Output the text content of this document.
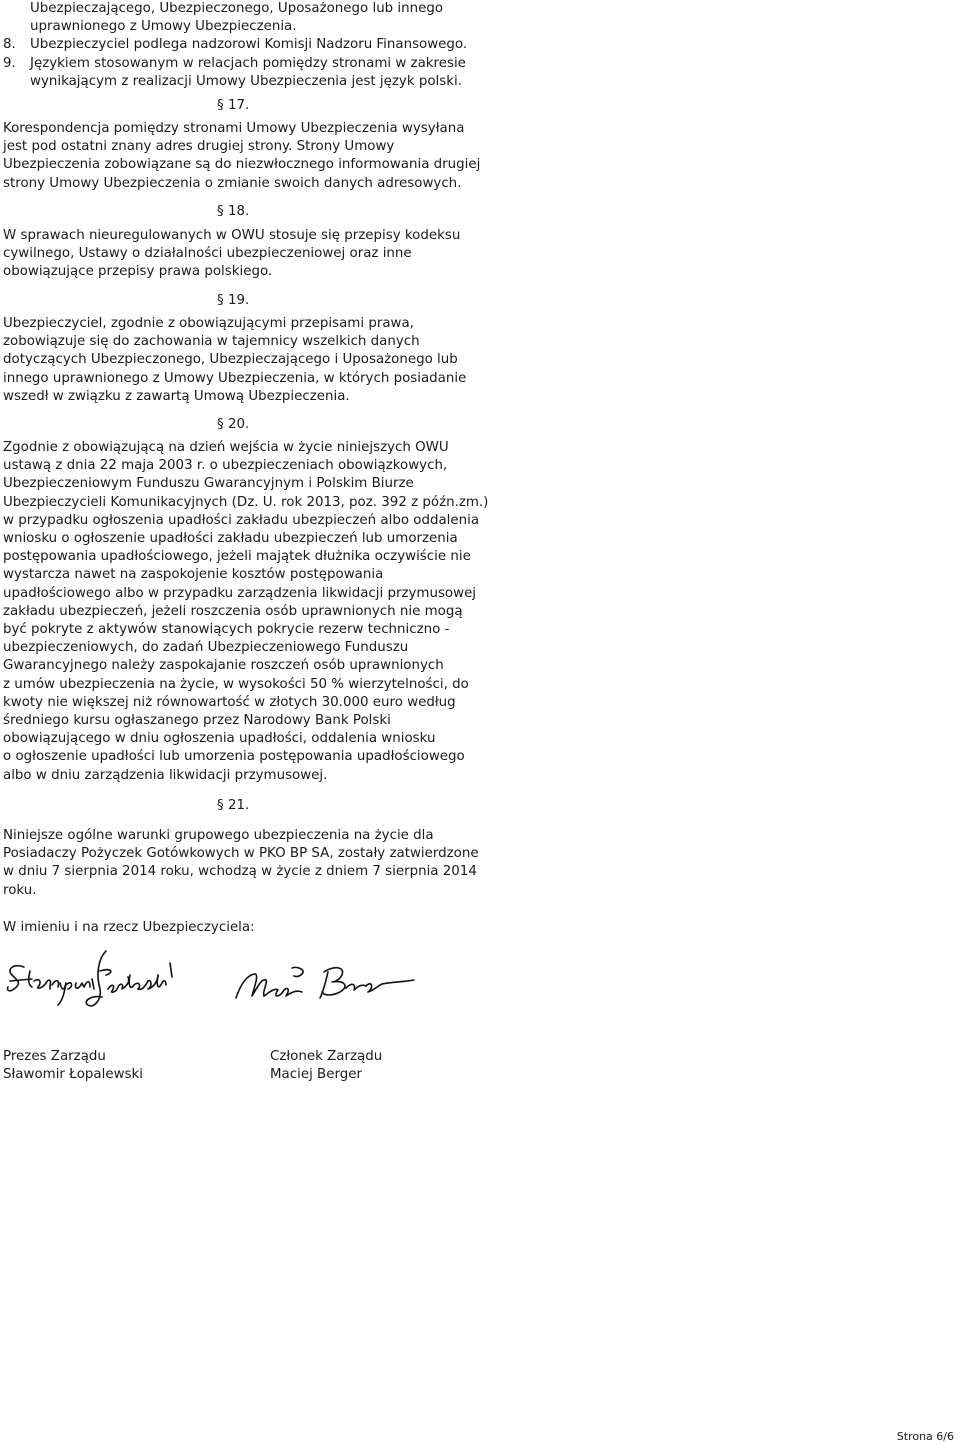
Ubezpieczającego, Ubezpieczonego, Uposażonego lub innego
uprawnionego z Umowy Ubezpieczenia.
8. Ubezpieczyciel podlega nadzorowi Komisji Nadzoru Finansowego.
9. Językiem stosowanym w relacjach pomiędzy stronami w zakresie
wynikającym z realizacji Umowy Ubezpieczenia jest język polski.
§ 17.
Korespondencja pomiędzy stronami Umowy Ubezpieczenia wysyłana
jest pod ostatni znany adres drugiej strony. Strony Umowy
Ubezpieczenia zobowiązane są do niezwłocznego informowania drugiej
strony Umowy Ubezpieczenia o zmianie swoich danych adresowych.
§ 18.
W sprawach nieuregulowanych w OWU stosuje się przepisy kodeksu
cywilnego, Ustawy o działalności ubezpieczeniowej oraz inne
obowiązujące przepisy prawa polskiego.
§ 19.
Ubezpieczyciel, zgodnie z obowiązującymi przepisami prawa,
zobowiązuje się do zachowania w tajemnicy wszelkich danych
dotyczących Ubezpieczonego, Ubezpieczającego i Uposażonego lub
innego uprawnionego z Umowy Ubezpieczenia, w których posiadanie
wszedł w związku z zawartą Umową Ubezpieczenia.
§ 20.
Zgodnie z obowiązującą na dzień wejścia w życie niniejszych OWU
ustawą z dnia 22 maja 2003 r. o ubezpieczeniach obowiązkowych,
Ubezpieczeniowym Funduszu Gwarancyjnym i Polskim Biurze
Ubezpieczycieli Komunikacyjnych (Dz. U. rok 2013, poz. 392 z późn.zm.)
w przypadku ogłoszenia upadłości zakładu ubezpieczeń albo oddalenia
wniosku o ogłoszenie upadłości zakładu ubezpieczeń lub umorzenia
postępowania upadłościowego, jeżeli majątek dłużnika oczywiście nie
wystarcza nawet na zaspokojenie kosztów postępowania
upadłościowego albo w przypadku zarządzenia likwidacji przymusowej
zakładu ubezpieczeń, jeżeli roszczenia osób uprawnionych nie mogą
być pokryte z aktywów stanowiących pokrycie rezerw techniczno -
ubezpieczeniowych, do zadań Ubezpieczeniowego Funduszu
Gwarancyjnego należy zaspokajanie roszczeń osób uprawnionych
z umów ubezpieczenia na życie, w wysokości 50 % wierzytelności, do
kwoty nie większej niż równowartość w złotych 30.000 euro według
średniego kursu ogłaszanego przez Narodowy Bank Polski
obowiązującego w dniu ogłoszenia upadłości, oddalenia wniosku
o ogłoszenie upadłości lub umorzenia postępowania upadłościowego
albo w dniu zarządzenia likwidacji przymusowej.
§ 21.
Niniejsze ogólne warunki grupowego ubezpieczenia na życie dla
Posiadaczy Pożyczek Gotówkowych w PKO BP SA, zostały zatwierdzone
w dniu 7 sierpnia 2014 roku, wchodzą w życie z dniem 7 sierpnia 2014
roku.
W imieniu i na rzecz Ubezpieczyciela:
Prezes Zarządu
Sławomir Łopalewski
Członek Zarządu
Maciej Berger
Strona 6/6
